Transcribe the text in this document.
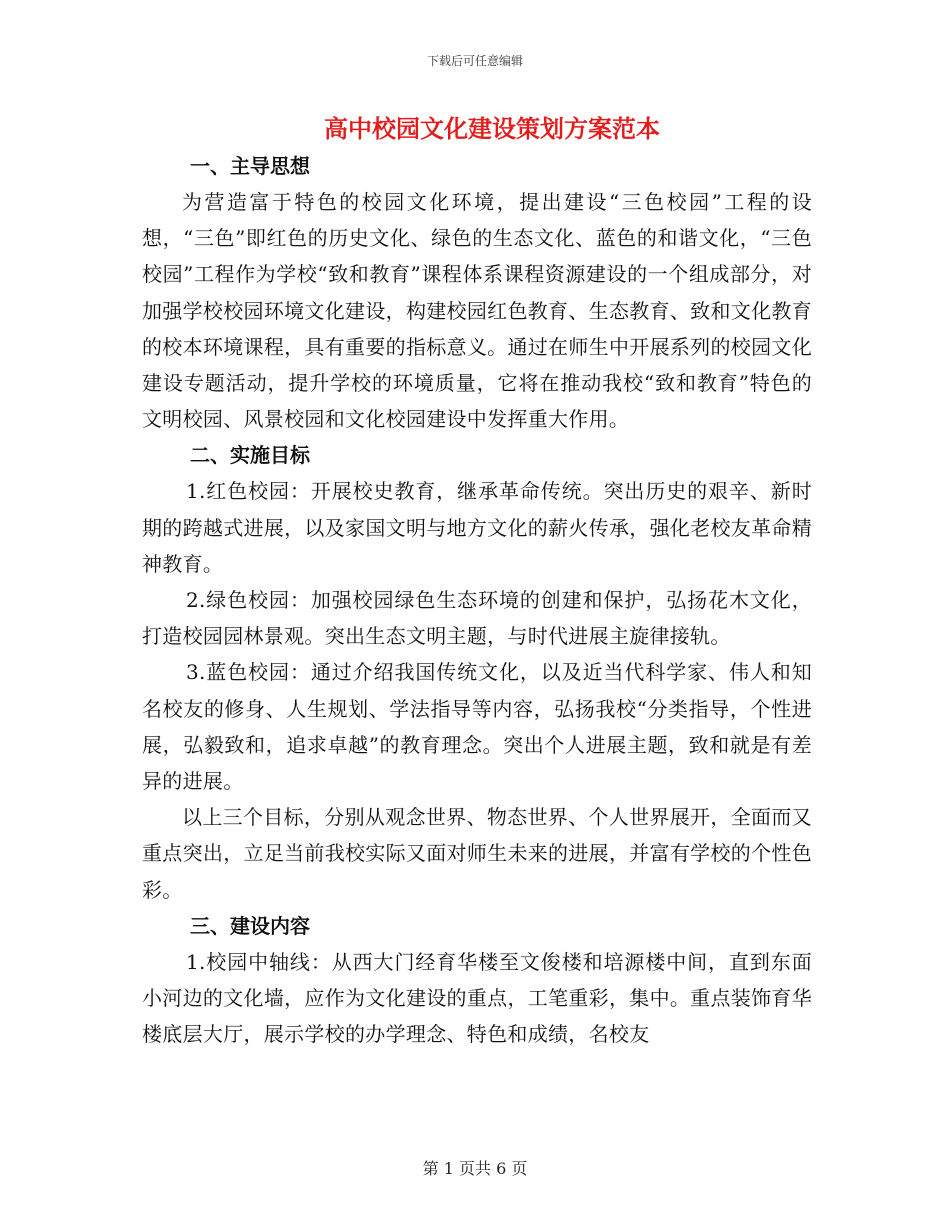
下载后可任意编辑
高中校园文化建设策划方案范本
一、主导思想

为营造富于特色的校园文化环境，提出建设“三色校园”工程的设想，“三色”即红色的历史文化、绿色的生态文化、蓝色的和谐文化，“三色校园”工程作为学校“致和教育”课程体系课程资源建设的一个组成部分，对加强学校校园环境文化建设，构建校园红色教育、生态教育、致和文化教育的校本环境课程，具有重要的指标意义。通过在师生中开展系列的校园文化建设专题活动，提升学校的环境质量，它将在推动我校“致和教育”特色的文明校园、风景校园和文化校园建设中发挥重大作用。

二、实施目标

1.红色校园：开展校史教育，继承革命传统。突出历史的艰辛、新时期的跨越式进展，以及家国文明与地方文化的薪火传承，强化老校友革命精神教育。

2.绿色校园：加强校园绿色生态环境的创建和保护，弘扬花木文化，打造校园园林景观。突出生态文明主题，与时代进展主旋律接轨。

3.蓝色校园：通过介绍我国传统文化，以及近当代科学家、伟人和知名校友的修身、人生规划、学法指导等内容，弘扬我校“分类指导，个性进展，弘毅致和，追求卓越”的教育理念。突出个人进展主题，致和就是有差异的进展。

以上三个目标，分别从观念世界、物态世界、个人世界展开，全面而又重点突出，立足当前我校实际又面对师生未来的进展，并富有学校的个性色彩。

三、建设内容

1.校园中轴线：从西大门经育华楼至文俊楼和培源楼中间，直到东面小河边的文化墙，应作为文化建设的重点，工笔重彩，集中。重点装饰育华楼底层大厅，展示学校的办学理念、特色和成绩，名校友

第 1 页共 6 页
